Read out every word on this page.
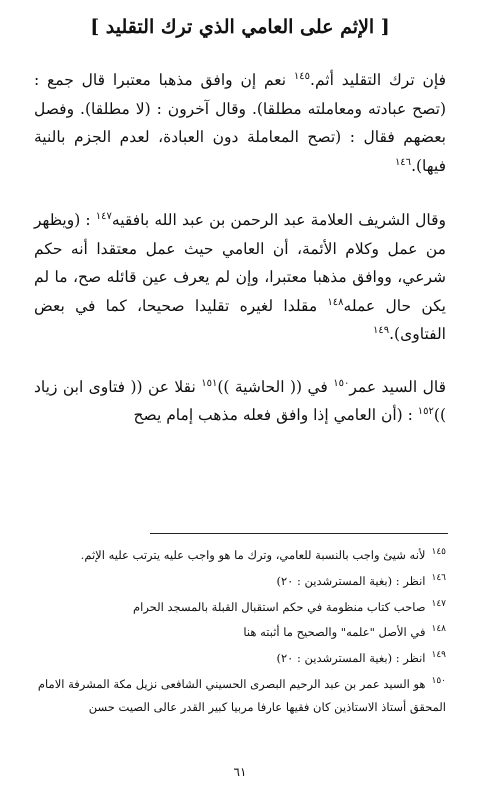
[ الإثم على العامي الذي ترك التقليد ]

فإن ترك التقليد أثم.$^{١٤٥}$ نعم إن وافق مذهبا معتبرا قال جمع : (تصح عبادته ومعاملته مطلقا). وقال آخرون : (لا مطلقا). وفصل بعضهم فقال : (تصح المعاملة دون العبادة، لعدم الجزم بالنية فيها).$^{١٤٦}$

وقال الشريف العلامة عبد الرحمن بن عبد الله بافقيه$^{١٤٧}$ : (ويظهر من عمل وكلام الأئمة، أن العامي حيث عمل معتقدا أنه حكم شرعي، ووافق مذهبا معتبرا، وإن لم يعرف عين قائله صح، ما لم يكن حال عمله$^{١٤٨}$ مقلدا لغيره تقليدا صحيحا، كما في بعض الفتاوى).$^{١٤٩}$

قال السيد عمر$^{١٥٠}$ في (( الحاشية ))$^{١٥١}$ نقلا عن (( فتاوى ابن زياد ))$^{١٥٢}$ : (أن العامي إذا وافق فعله مذهب إمام يصح

$^{١٤٥}$لأنه شيئ واجب بالنسبة للعامي، وترك ما هو واجب عليه يترتب عليه الإثم.

$^{١٤٦}$انظر : (بغية المسترشدين : ٢٠)

$^{١٤٧}$صاحب كتاب منظومة في حكم استقبال القبلة بالمسجد الحرام

$^{١٤٨}$في الأصل "علمه" والصحيح ما أثبته هنا

$^{١٤٩}$انظر : (بغية المسترشدين : ٢٠)

$^{١٥٠}$هو السيد عمر بن عبد الرحيم البصرى الحسيني الشافعى نزيل مكة المشرفة الامام المحقق أستاذ الاستاذين كان فقيها عارفا مربيا كبير القدر عالى الصيت حسن

٦١
